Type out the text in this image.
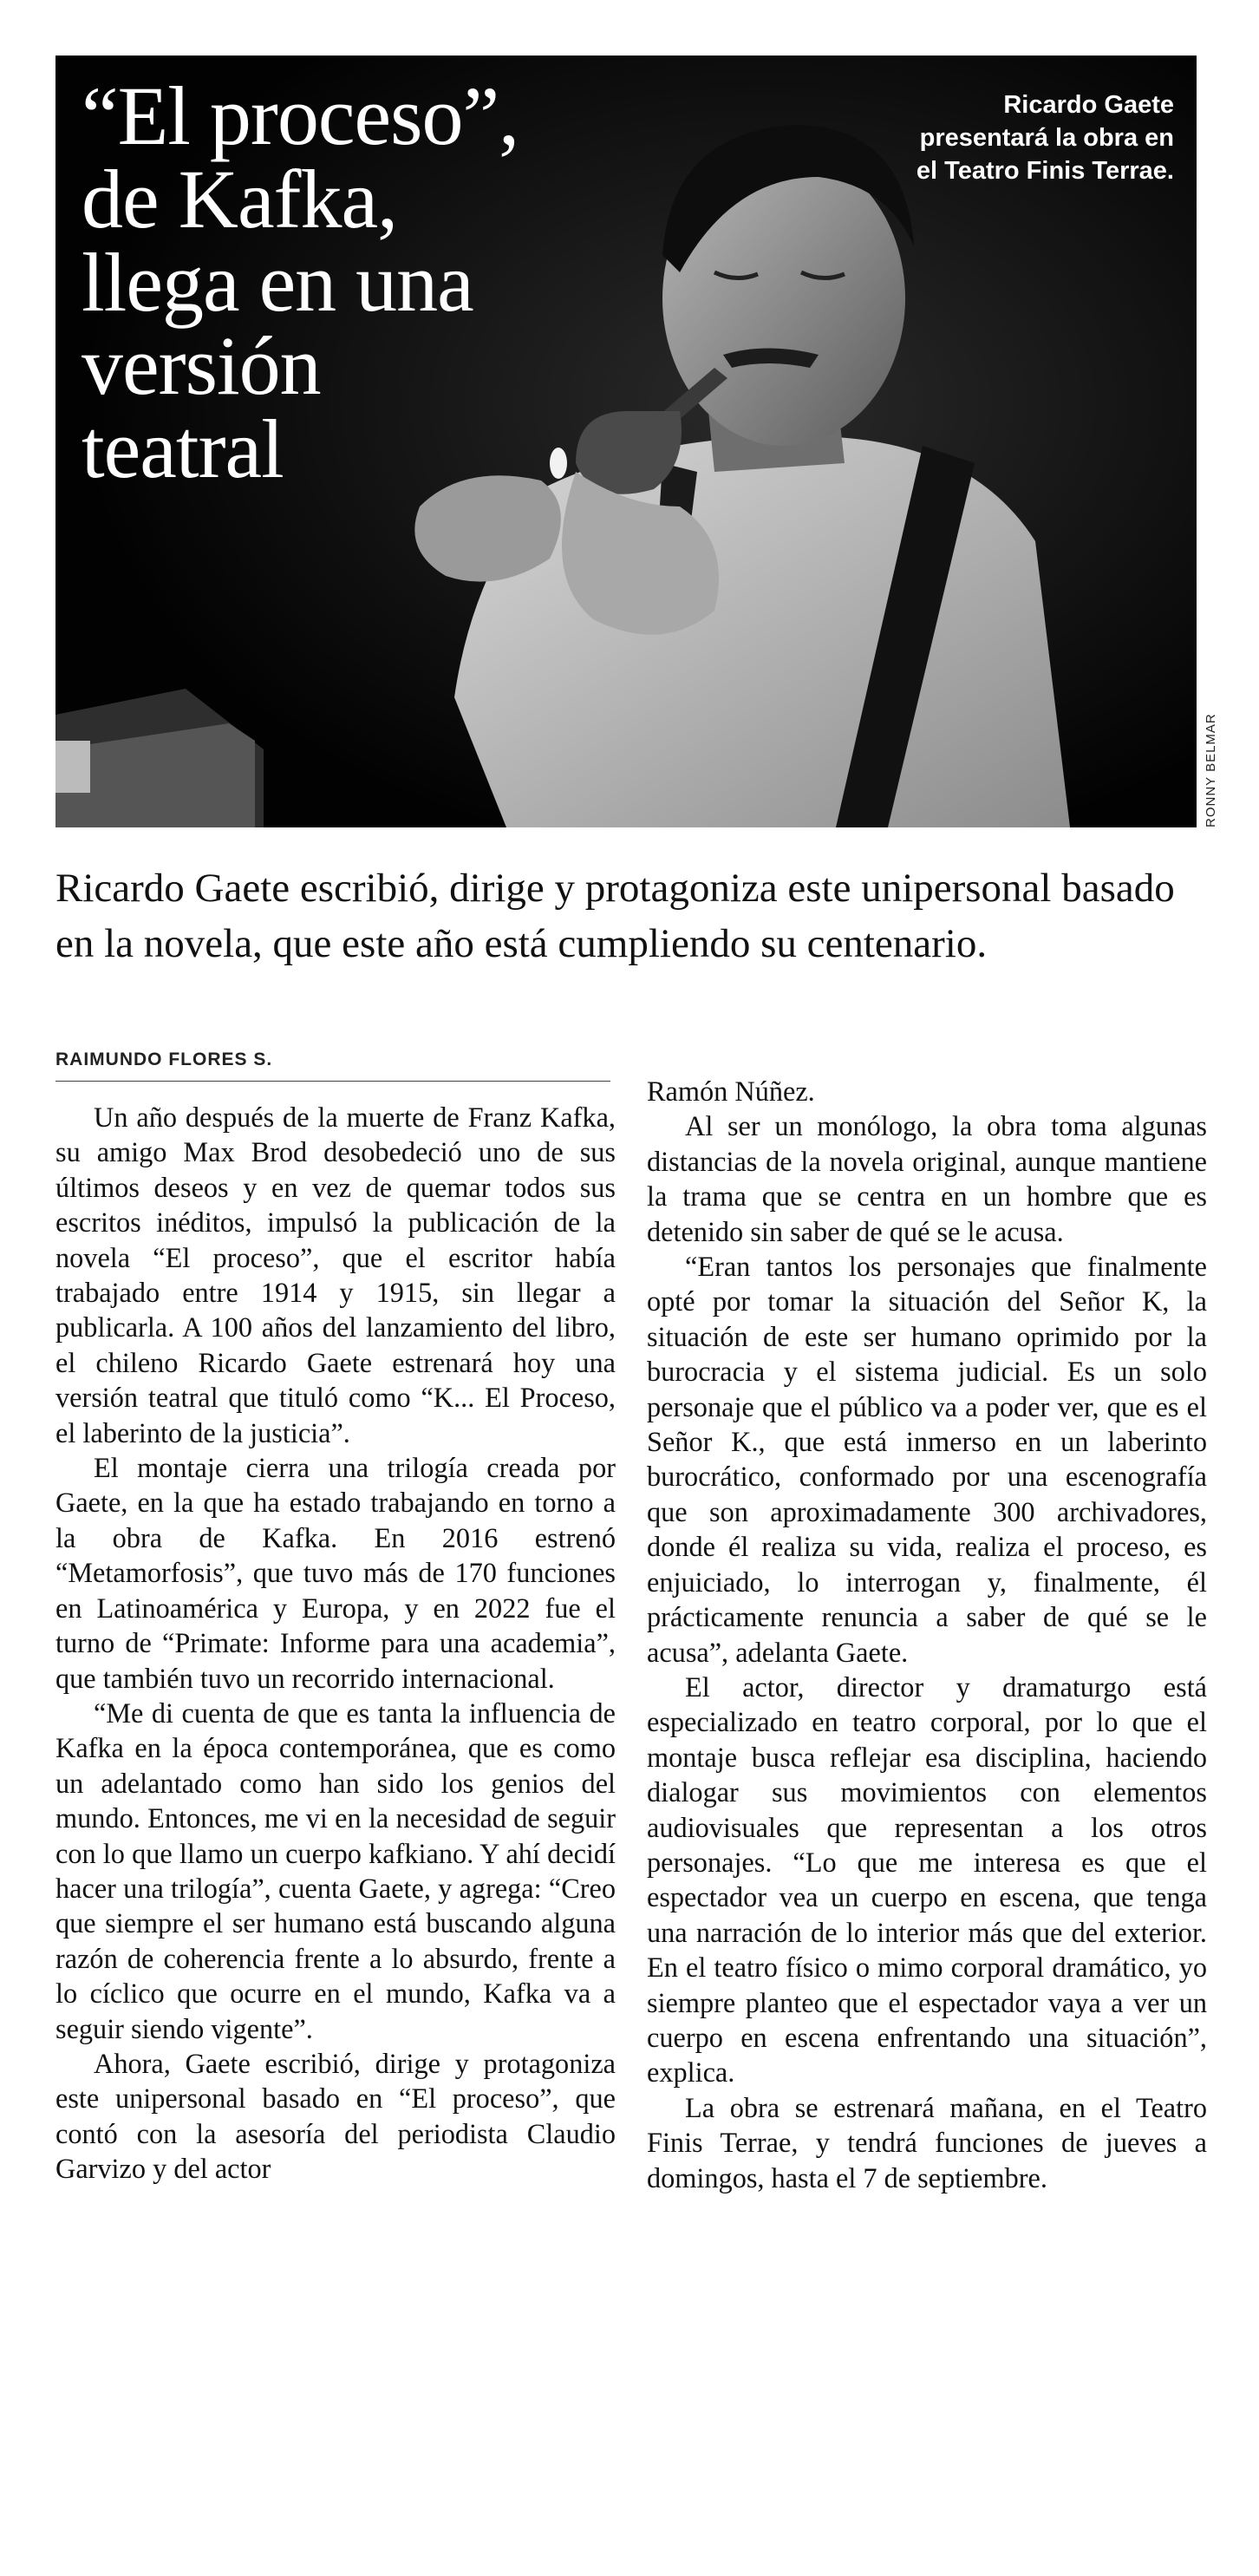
“El proceso”,
de Kafka,
llega en una
versión
teatral
Ricardo Gaete presentará la obra en el Teatro Finis Terrae.
RONNY BELMAR
Ricardo Gaete escribió, dirige y protagoniza este unipersonal basado en la novela, que este año está cumpliendo su centenario.
RAIMUNDO FLORES S.

Un año después de la muerte de Franz Kafka, su amigo Max Brod desobedeció uno de sus últimos deseos y en vez de quemar todos sus escritos inéditos, impulsó la publicación de la novela “El proceso”, que el escritor había trabajado entre 1914 y 1915, sin llegar a publicarla. A 100 años del lanzamiento del libro, el chileno Ricardo Gaete estrenará hoy una versión teatral que tituló como “K... El Proceso, el laberinto de la justicia”.

El montaje cierra una trilogía creada por Gaete, en la que ha estado trabajando en torno a la obra de Kafka. En 2016 estrenó “Metamorfosis”, que tuvo más de 170 funciones en Latinoamérica y Europa, y en 2022 fue el turno de “Primate: Informe para una academia”, que también tuvo un recorrido internacional.

“Me di cuenta de que es tanta la influencia de Kafka en la época contemporánea, que es como un adelantado como han sido los genios del mundo. Entonces, me vi en la necesidad de seguir con lo que llamo un cuerpo kafkiano. Y ahí decidí hacer una trilogía”, cuenta Gaete, y agrega: “Creo que siempre el ser humano está buscando alguna razón de coherencia frente a lo absurdo, frente a lo cíclico que ocurre en el mundo, Kafka va a seguir siendo vigente”.

Ahora, Gaete escribió, dirige y protagoniza este unipersonal basado en “El proceso”, que contó con la asesoría del periodista Claudio Garvizo y del actor

Ramón Núñez.

Al ser un monólogo, la obra toma algunas distancias de la novela original, aunque mantiene la trama que se centra en un hombre que es detenido sin saber de qué se le acusa.

“Eran tantos los personajes que finalmente opté por tomar la situación del Señor K, la situación de este ser humano oprimido por la burocracia y el sistema judicial. Es un solo personaje que el público va a poder ver, que es el Señor K., que está inmerso en un laberinto burocrático, conformado por una escenografía que son aproximadamente 300 archivadores, donde él realiza su vida, realiza el proceso, es enjuiciado, lo interrogan y, finalmente, él prácticamente renuncia a saber de qué se le acusa”, adelanta Gaete.

El actor, director y dramaturgo está especializado en teatro corporal, por lo que el montaje busca reflejar esa disciplina, haciendo dialogar sus movimientos con elementos audiovisuales que representan a los otros personajes. “Lo que me interesa es que el espectador vea un cuerpo en escena, que tenga una narración de lo interior más que del exterior. En el teatro físico o mimo corporal dramático, yo siempre planteo que el espectador vaya a ver un cuerpo en escena enfrentando una situación”, explica.

La obra se estrenará mañana, en el Teatro Finis Terrae, y tendrá funciones de jueves a domingos, hasta el 7 de septiembre.
